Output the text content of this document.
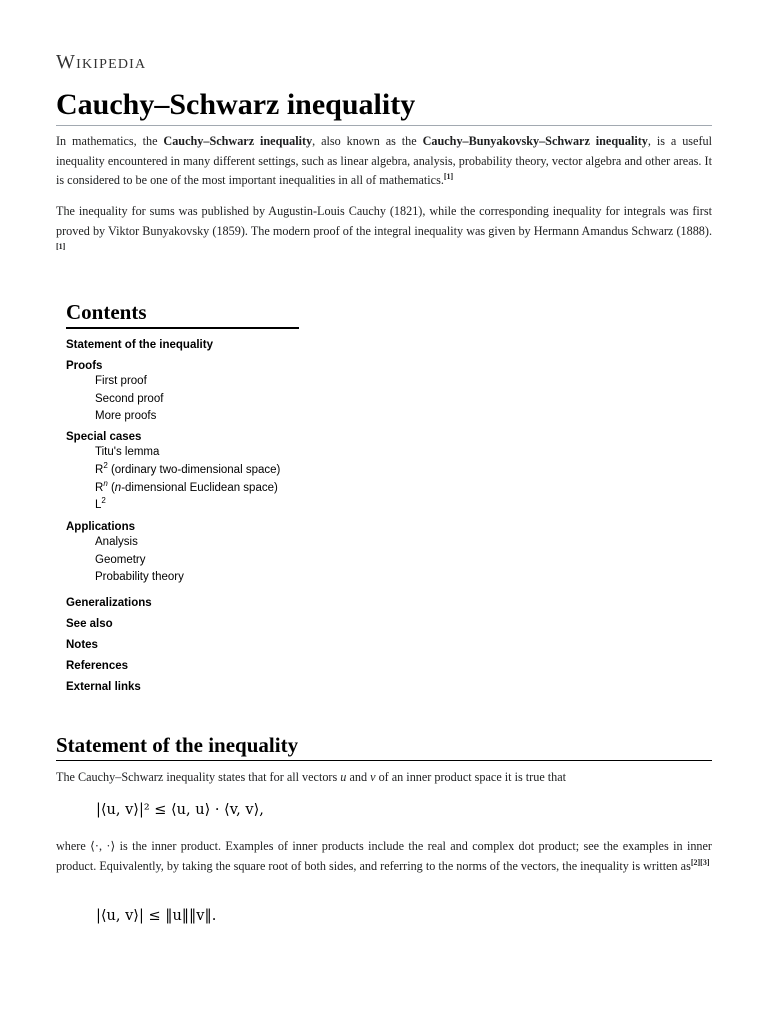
Wikipedia
Cauchy–Schwarz inequality

In mathematics, the Cauchy–Schwarz inequality, also known as the Cauchy–Bunyakovsky–Schwarz inequality, is a useful inequality encountered in many different settings, such as linear algebra, analysis, probability theory, vector algebra and other areas. It is considered to be one of the most important inequalities in all of mathematics.[1]

The inequality for sums was published by Augustin-Louis Cauchy (1821), while the corresponding inequality for integrals was first proved by Viktor Bunyakovsky (1859). The modern proof of the integral inequality was given by Hermann Amandus Schwarz (1888).[1]

Contents
Statement of the inequality
Proofs
First proof
Second proof
More proofs
Special cases
Titu's lemma
$R^2$ (ordinary two-dimensional space)
$R^n$ (n-dimensional Euclidean space)
$L^2$
Applications
Analysis
Geometry
Probability theory
Generalizations
See also
Notes
References
External links
Statement of the inequality

The Cauchy–Schwarz inequality states that for all vectors u and v of an inner product space it is true that

|⟨u, v⟩|² ≤ ⟨u, u⟩ · ⟨v, v⟩,

where ⟨·, ·⟩ is the inner product. Examples of inner products include the real and complex dot product; see the examples in inner product. Equivalently, by taking the square root of both sides, and referring to the norms of the vectors, the inequality is written as[2][3]

|⟨u, v⟩| ≤ ‖u‖‖v‖.
